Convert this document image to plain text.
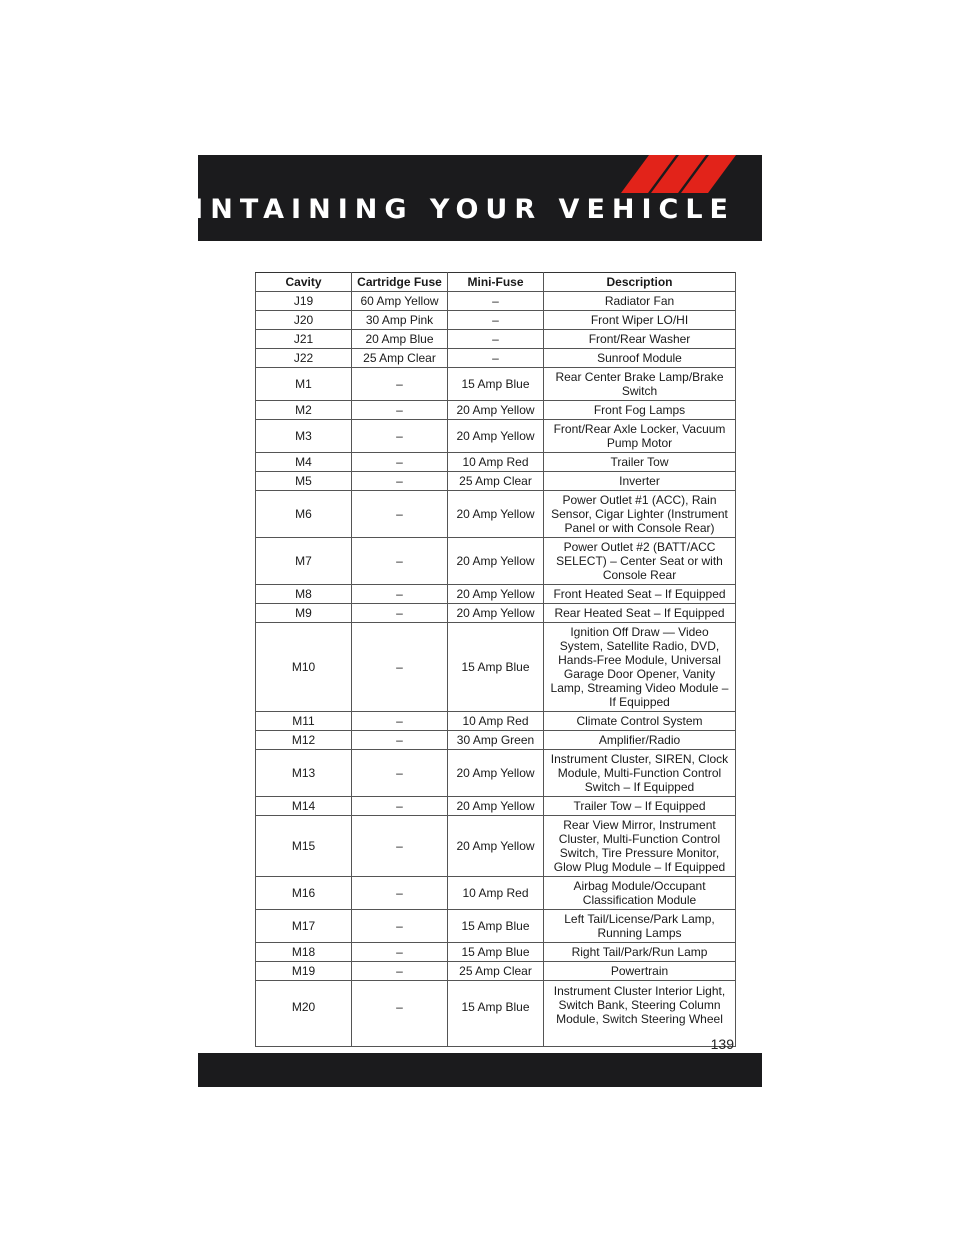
MAINTAINING YOUR VEHICLE
Cavity	Cartridge Fuse	Mini-Fuse	Description
J19	60 Amp Yellow	–	Radiator Fan
J20	30 Amp Pink	–	Front Wiper LO/HI
J21	20 Amp Blue	–	Front/Rear Washer
J22	25 Amp Clear	–	Sunroof Module
M1	–	15 Amp Blue	Rear Center Brake Lamp/Brake Switch
M2	–	20 Amp Yellow	Front Fog Lamps
M3	–	20 Amp Yellow	Front/Rear Axle Locker, Vacuum Pump Motor
M4	–	10 Amp Red	Trailer Tow
M5	–	25 Amp Clear	Inverter
M6	–	20 Amp Yellow	Power Outlet #1 (ACC), Rain Sensor, Cigar Lighter (Instrument Panel or with Console Rear)
M7	–	20 Amp Yellow	Power Outlet #2 (BATT/ACC SELECT) – Center Seat or with Console Rear
M8	–	20 Amp Yellow	Front Heated Seat – If Equipped
M9	–	20 Amp Yellow	Rear Heated Seat – If Equipped
M10	–	15 Amp Blue	Ignition Off Draw — Video System, Satellite Radio, DVD, Hands-Free Module, Universal Garage Door Opener, Vanity Lamp, Streaming Video Module – If Equipped
M11	–	10 Amp Red	Climate Control System
M12	–	30 Amp Green	Amplifier/Radio
M13	–	20 Amp Yellow	Instrument Cluster, SIREN, Clock Module, Multi-Function Control Switch – If Equipped
M14	–	20 Amp Yellow	Trailer Tow – If Equipped
M15	–	20 Amp Yellow	Rear View Mirror, Instrument Cluster, Multi-Function Control Switch, Tire Pressure Monitor, Glow Plug Module – If Equipped
M16	–	10 Amp Red	Airbag Module/Occupant Classification Module
M17	–	15 Amp Blue	Left Tail/License/Park Lamp, Running Lamps
M18	–	15 Amp Blue	Right Tail/Park/Run Lamp
M19	–	25 Amp Clear	Powertrain
M20	–	15 Amp Blue	Instrument Cluster Interior Light, Switch Bank, Steering Column Module, Switch Steering Wheel
139
